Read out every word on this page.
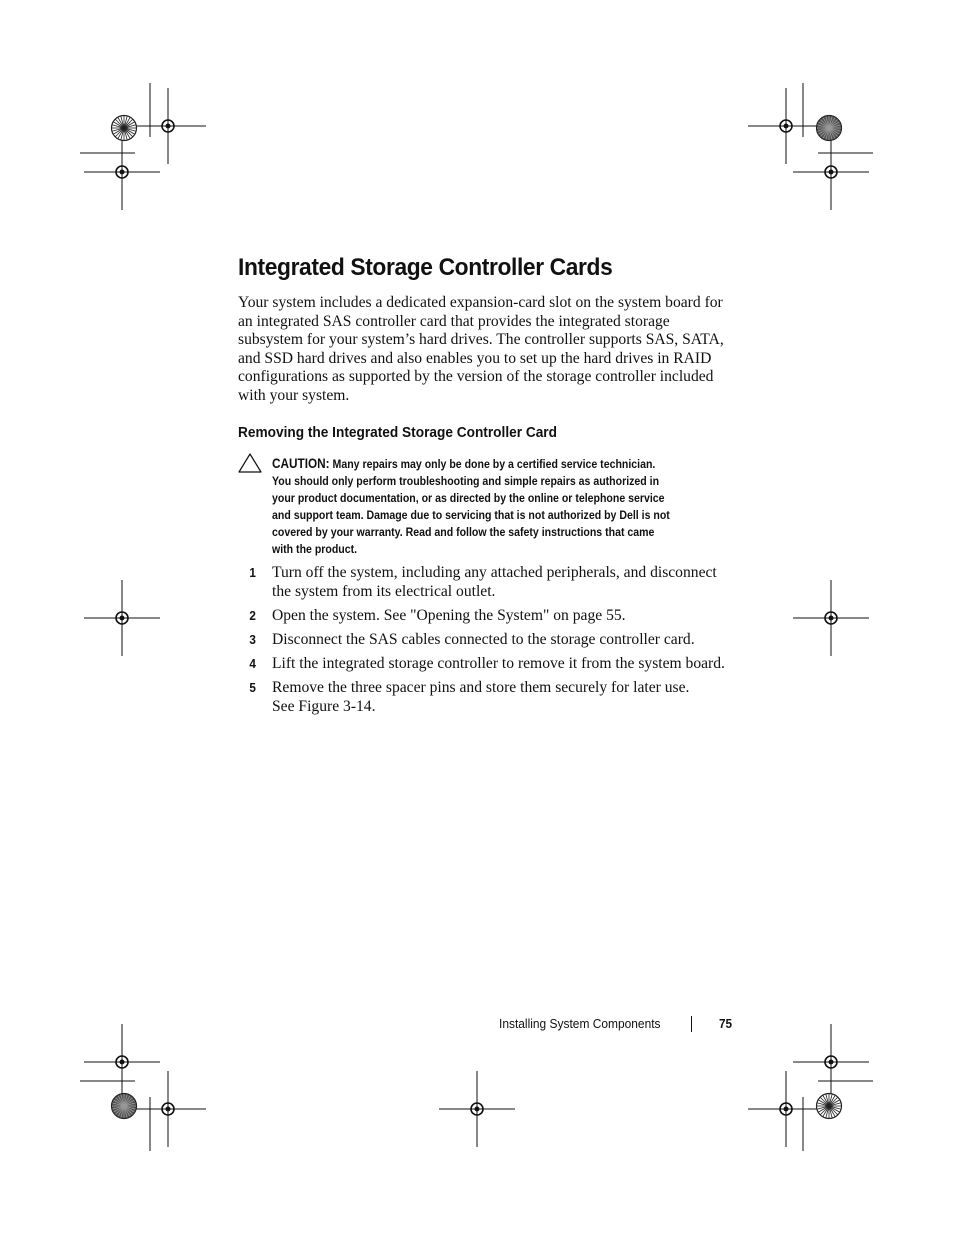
Integrated Storage Controller Cards
Your system includes a dedicated expansion-card slot on the system board for
an integrated SAS controller card that provides the integrated storage
subsystem for your system’s hard drives. The controller supports SAS, SATA,
and SSD hard drives and also enables you to set up the hard drives in RAID
configurations as supported by the version of the storage controller included
with your system.
Removing the Integrated Storage Controller Card
CAUTION: Many repairs may only be done by a certified service technician.
You should only perform troubleshooting and simple repairs as authorized in
your product documentation, or as directed by the online or telephone service
and support team. Damage due to servicing that is not authorized by Dell is not
covered by your warranty. Read and follow the safety instructions that came
with the product.
1 Turn off the system, including any attached peripherals, and disconnect
the system from its electrical outlet.
2 Open the system. See "Opening the System" on page 55.
3 Disconnect the SAS cables connected to the storage controller card.
4 Lift the integrated storage controller to remove it from the system board.
5 Remove the three spacer pins and store them securely for later use.
See Figure 3-14.
Installing System Components	75
